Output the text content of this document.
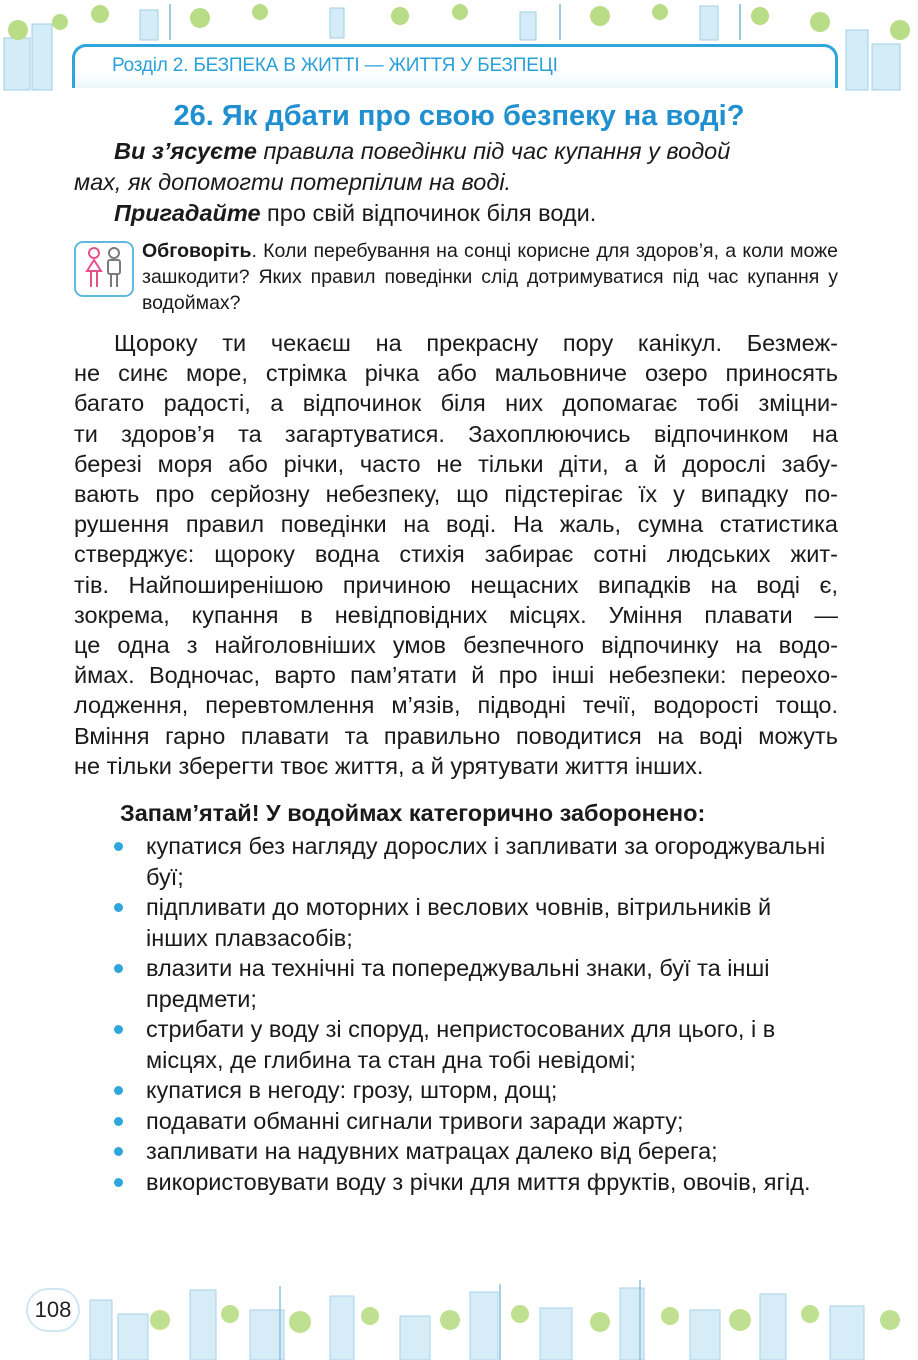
Розділ 2. БЕЗПЕКА В ЖИТТІ — ЖИТТЯ У БЕЗПЕЦІ
26. Як дбати про свою безпеку на воді?
Ви з’ясуєте правила поведінки під час купання у водой
мах, як допомогти потерпілим на воді.
Пригадайте про свій відпочинок біля води.
Обговоріть. Коли перебування на сонці корисне для здоров’я, а коли може зашкодити? Яких правил поведінки слід дотримуватися під час купання у водоймах?
Щороку ти чекаєш на прекрасну пору канікул. Безмеж-
не синє море, стрімка річка або мальовниче озеро приносять
багато радості, а відпочинок біля них допомагає тобі зміцни-
ти здоров’я та загартуватися. Захоплюючись відпочинком на
березі моря або річки, часто не тільки діти, а й дорослі забу-
вають про серйозну небезпеку, що підстерігає їх у випадку по-
рушення правил поведінки на воді. На жаль, сумна статистика
стверджує: щороку водна стихія забирає сотні людських жит-
тів. Найпоширенішою причиною нещасних випадків на воді є,
зокрема, купання в невідповідних місцях. Уміння плавати —
це одна з найголовніших умов безпечного відпочинку на водо-
ймах. Водночас, варто пам’ятати й про інші небезпеки: переохо-
лодження, перевтомлення м’язів, підводні течії, водорості тощо.
Вміння гарно плавати та правильно поводитися на воді можуть
не тільки зберегти твоє життя, а й урятувати життя інших.
Запам’ятай! У водоймах категорично заборонено:
купатися без нагляду дорослих і запливати за огороджувальні буї;
підпливати до моторних і веслових човнів, вітрильників й інших плавзасобів;
влазити на технічні та попереджувальні знаки, буї та інші предмети;
стрибати у воду зі споруд, непристосованих для цього, і в місцях, де глибина та стан дна тобі невідомі;
купатися в негоду: грозу, шторм, дощ;
подавати обманні сигнали тривоги заради жарту;
запливати на надувних матрацах далеко від берега;
використовувати воду з річки для миття фруктів, овочів, ягід.
108
